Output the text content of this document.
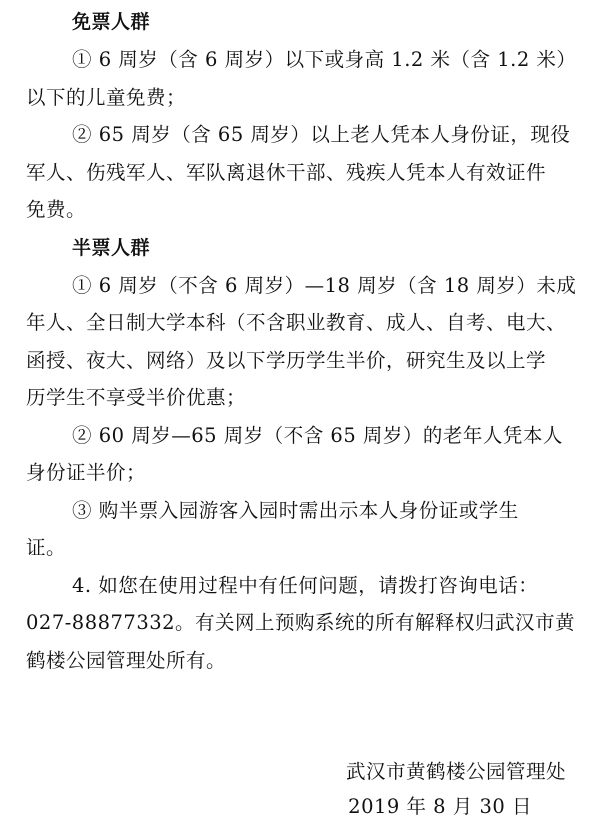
免票人群
① 6 周岁（含 6 周岁）以下或身高 1.2 米（含 1.2 米）
以下的儿童免费；
② 65 周岁（含 65 周岁）以上老人凭本人身份证，现役
军人、伤残军人、军队离退休干部、残疾人凭本人有效证件
免费。
半票人群
① 6 周岁（不含 6 周岁）—18 周岁（含 18 周岁）未成
年人、全日制大学本科（不含职业教育、成人、自考、电大、
函授、夜大、网络）及以下学历学生半价，研究生及以上学
历学生不享受半价优惠；
② 60 周岁—65 周岁（不含 65 周岁）的老年人凭本人
身份证半价；
③ 购半票入园游客入园时需出示本人身份证或学生
证。
4. 如您在使用过程中有任何问题，请拨打咨询电话：
027-88877332。有关网上预购系统的所有解释权归武汉市黄
鹤楼公园管理处所有。
武汉市黄鹤楼公园管理处
2019 年 8 月 30 日
